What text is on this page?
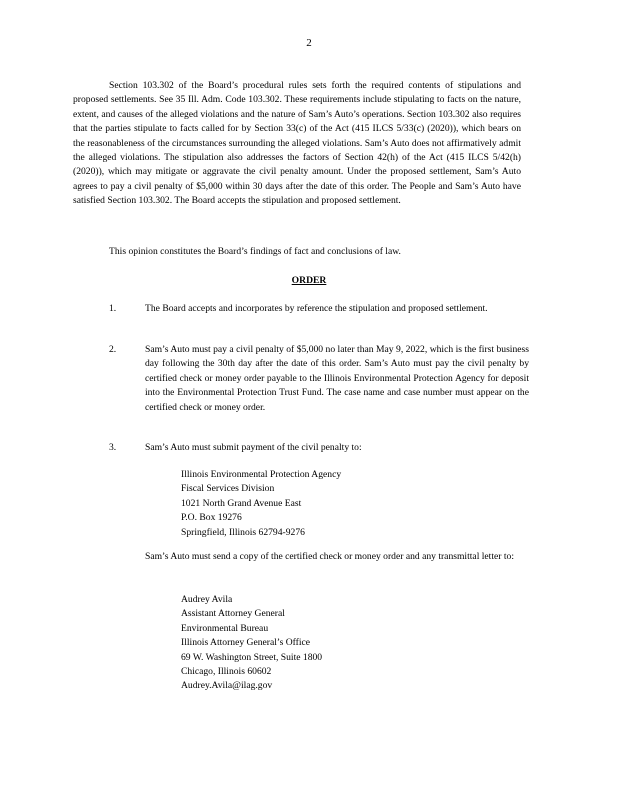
2

Section 103.302 of the Board’s procedural rules sets forth the required contents of stipulations and proposed settlements. See 35 Ill. Adm. Code 103.302. These requirements include stipulating to facts on the nature, extent, and causes of the alleged violations and the nature of Sam’s Auto’s operations. Section 103.302 also requires that the parties stipulate to facts called for by Section 33(c) of the Act (415 ILCS 5/33(c) (2020)), which bears on the reasonableness of the circumstances surrounding the alleged violations. Sam’s Auto does not affirmatively admit the alleged violations. The stipulation also addresses the factors of Section 42(h) of the Act (415 ILCS 5/42(h) (2020)), which may mitigate or aggravate the civil penalty amount. Under the proposed settlement, Sam’s Auto agrees to pay a civil penalty of $5,000 within 30 days after the date of this order. The People and Sam’s Auto have satisfied Section 103.302. The Board accepts the stipulation and proposed settlement.

This opinion constitutes the Board’s findings of fact and conclusions of law.

ORDER
1.	The Board accepts and incorporates by reference the stipulation and proposed settlement.
2.	Sam’s Auto must pay a civil penalty of $5,000 no later than May 9, 2022, which is the first business day following the 30th day after the date of this order. Sam’s Auto must pay the civil penalty by certified check or money order payable to the Illinois Environmental Protection Agency for deposit into the Environmental Protection Trust Fund. The case name and case number must appear on the certified check or money order.
3.	Sam’s Auto must submit payment of the civil penalty to:
Illinois Environmental Protection Agency
Fiscal Services Division
1021 North Grand Avenue East
P.O. Box 19276
Springfield, Illinois 62794-9276
Sam’s Auto must send a copy of the certified check or money order and any transmittal letter to:
Audrey Avila
Assistant Attorney General
Environmental Bureau
Illinois Attorney General’s Office
69 W. Washington Street, Suite 1800
Chicago, Illinois 60602
Audrey.Avila@ilag.gov
